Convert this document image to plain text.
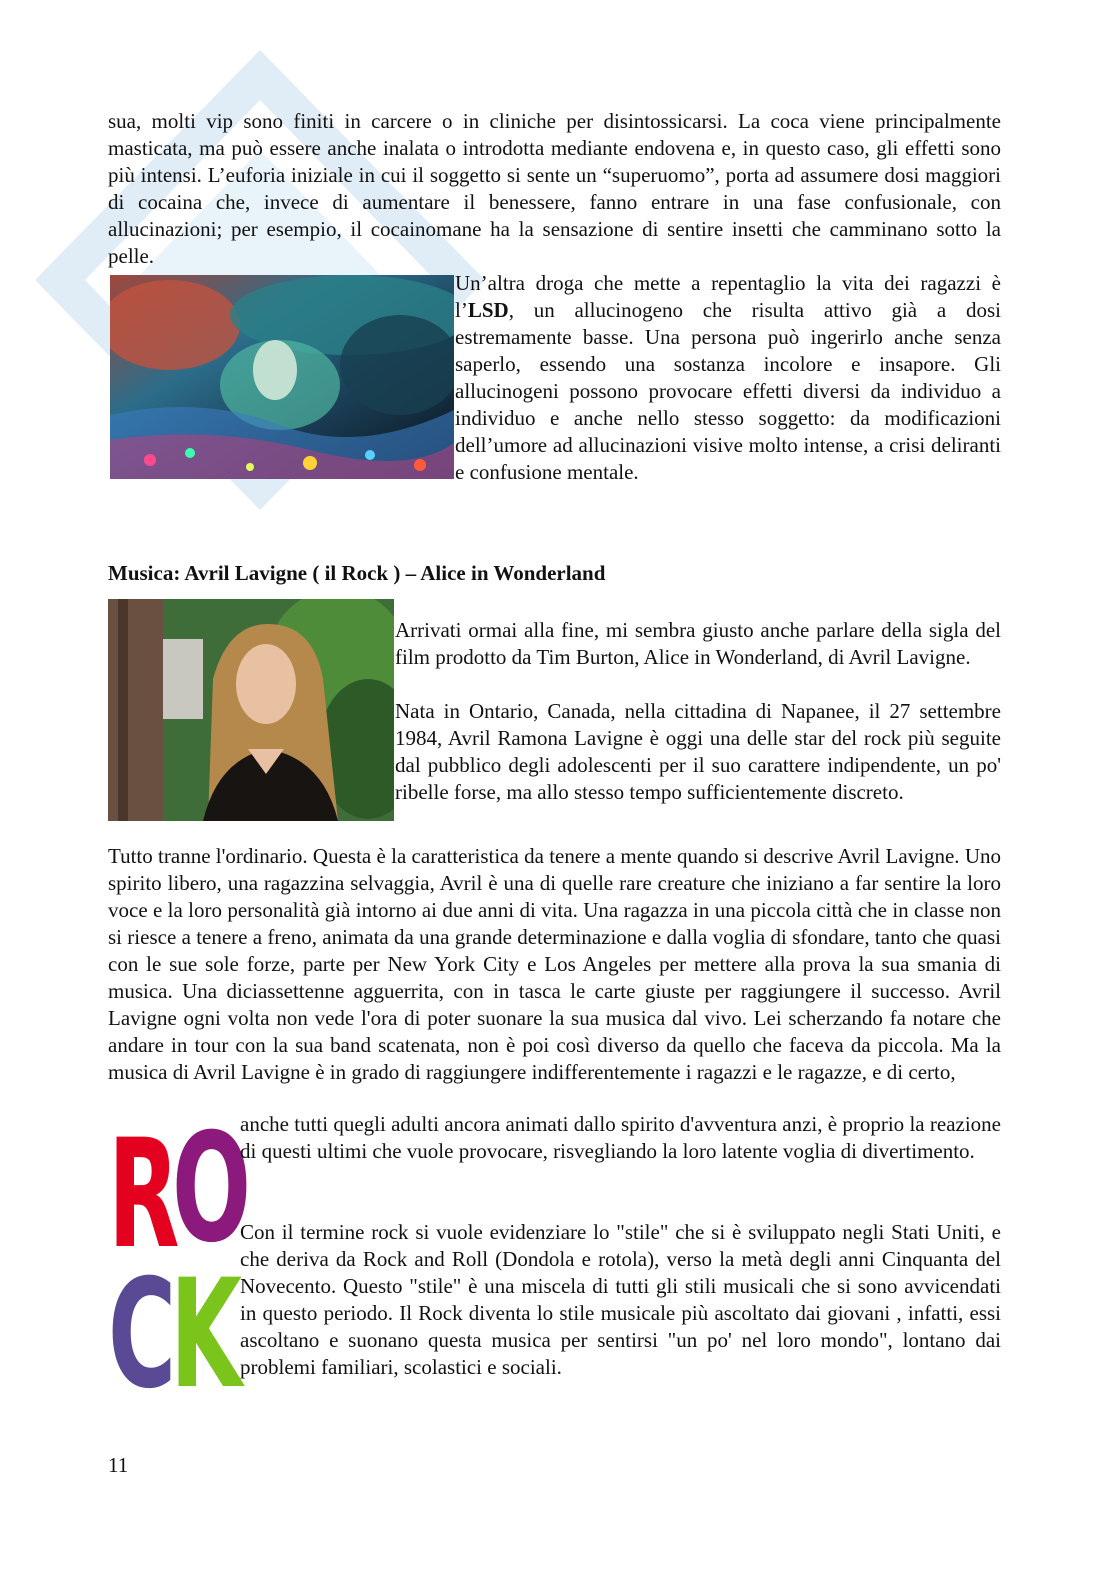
sua, molti vip sono finiti in carcere o in cliniche per disintossicarsi. La coca viene principalmente masticata, ma può essere anche inalata o introdotta mediante endovena e, in questo caso, gli effetti sono più intensi. L’euforia iniziale in cui il soggetto si sente un “superuomo”, porta ad assumere dosi maggiori di cocaina che, invece di aumentare il benessere, fanno entrare in una fase confusionale, con allucinazioni; per esempio, il cocainomane ha la sensazione di sentire insetti che camminano sotto la pelle.

Un’altra droga che mette a repentaglio la vita dei ragazzi è l’LSD, un allucinogeno che risulta attivo già a dosi estremamente basse. Una persona può ingerirlo anche senza saperlo, essendo una sostanza incolore e insapore. Gli allucinogeni possono provocare effetti diversi da individuo a individuo e anche nello stesso soggetto: da modificazioni dell’umore ad allucinazioni visive molto intense, a crisi deliranti e confusione mentale.

Musica: Avril Lavigne ( il Rock ) – Alice in Wonderland

Arrivati ormai alla fine, mi sembra giusto anche parlare della sigla del film prodotto da Tim Burton, Alice in Wonderland, di Avril Lavigne.

Nata in Ontario, Canada, nella cittadina di Napanee, il 27 settembre 1984, Avril Ramona Lavigne è oggi una delle star del rock più seguite dal pubblico degli adolescenti per il suo carattere indipendente, un po' ribelle forse, ma allo stesso tempo sufficientemente discreto.

Tutto tranne l'ordinario. Questa è la caratteristica da tenere a mente quando si descrive Avril Lavigne. Uno spirito libero, una ragazzina selvaggia, Avril è una di quelle rare creature che iniziano a far sentire la loro voce e la loro personalità già intorno ai due anni di vita. Una ragazza in una piccola città che in classe non si riesce a tenere a freno, animata da una grande determinazione e dalla voglia di sfondare, tanto che quasi con le sue sole forze, parte per New York City e Los Angeles per mettere alla prova la sua smania di musica. Una diciassettenne agguerrita, con in tasca le carte giuste per raggiungere il successo. Avril Lavigne ogni volta non vede l'ora di poter suonare la sua musica dal vivo. Lei scherzando fa notare che andare in tour con la sua band scatenata, non è poi così diverso da quello che faceva da piccola. Ma la musica di Avril Lavigne è in grado di raggiungere indifferentemente i ragazzi e le ragazze, e di certo,

R
O
C
K

anche tutti quegli adulti ancora animati dallo spirito d'avventura anzi, è proprio la reazione di questi ultimi che vuole provocare, risvegliando la loro latente voglia di divertimento.

Con il termine rock si vuole evidenziare lo "stile" che si è sviluppato negli Stati Uniti, e che deriva da Rock and Roll (Dondola e rotola), verso la metà degli anni Cinquanta del Novecento. Questo "stile" è una miscela di tutti gli stili musicali che si sono avvicendati in questo periodo. Il Rock diventa lo stile musicale più ascoltato dai giovani , infatti, essi ascoltano e suonano questa musica per sentirsi "un po' nel loro mondo", lontano dai problemi familiari, scolastici e sociali.

11
